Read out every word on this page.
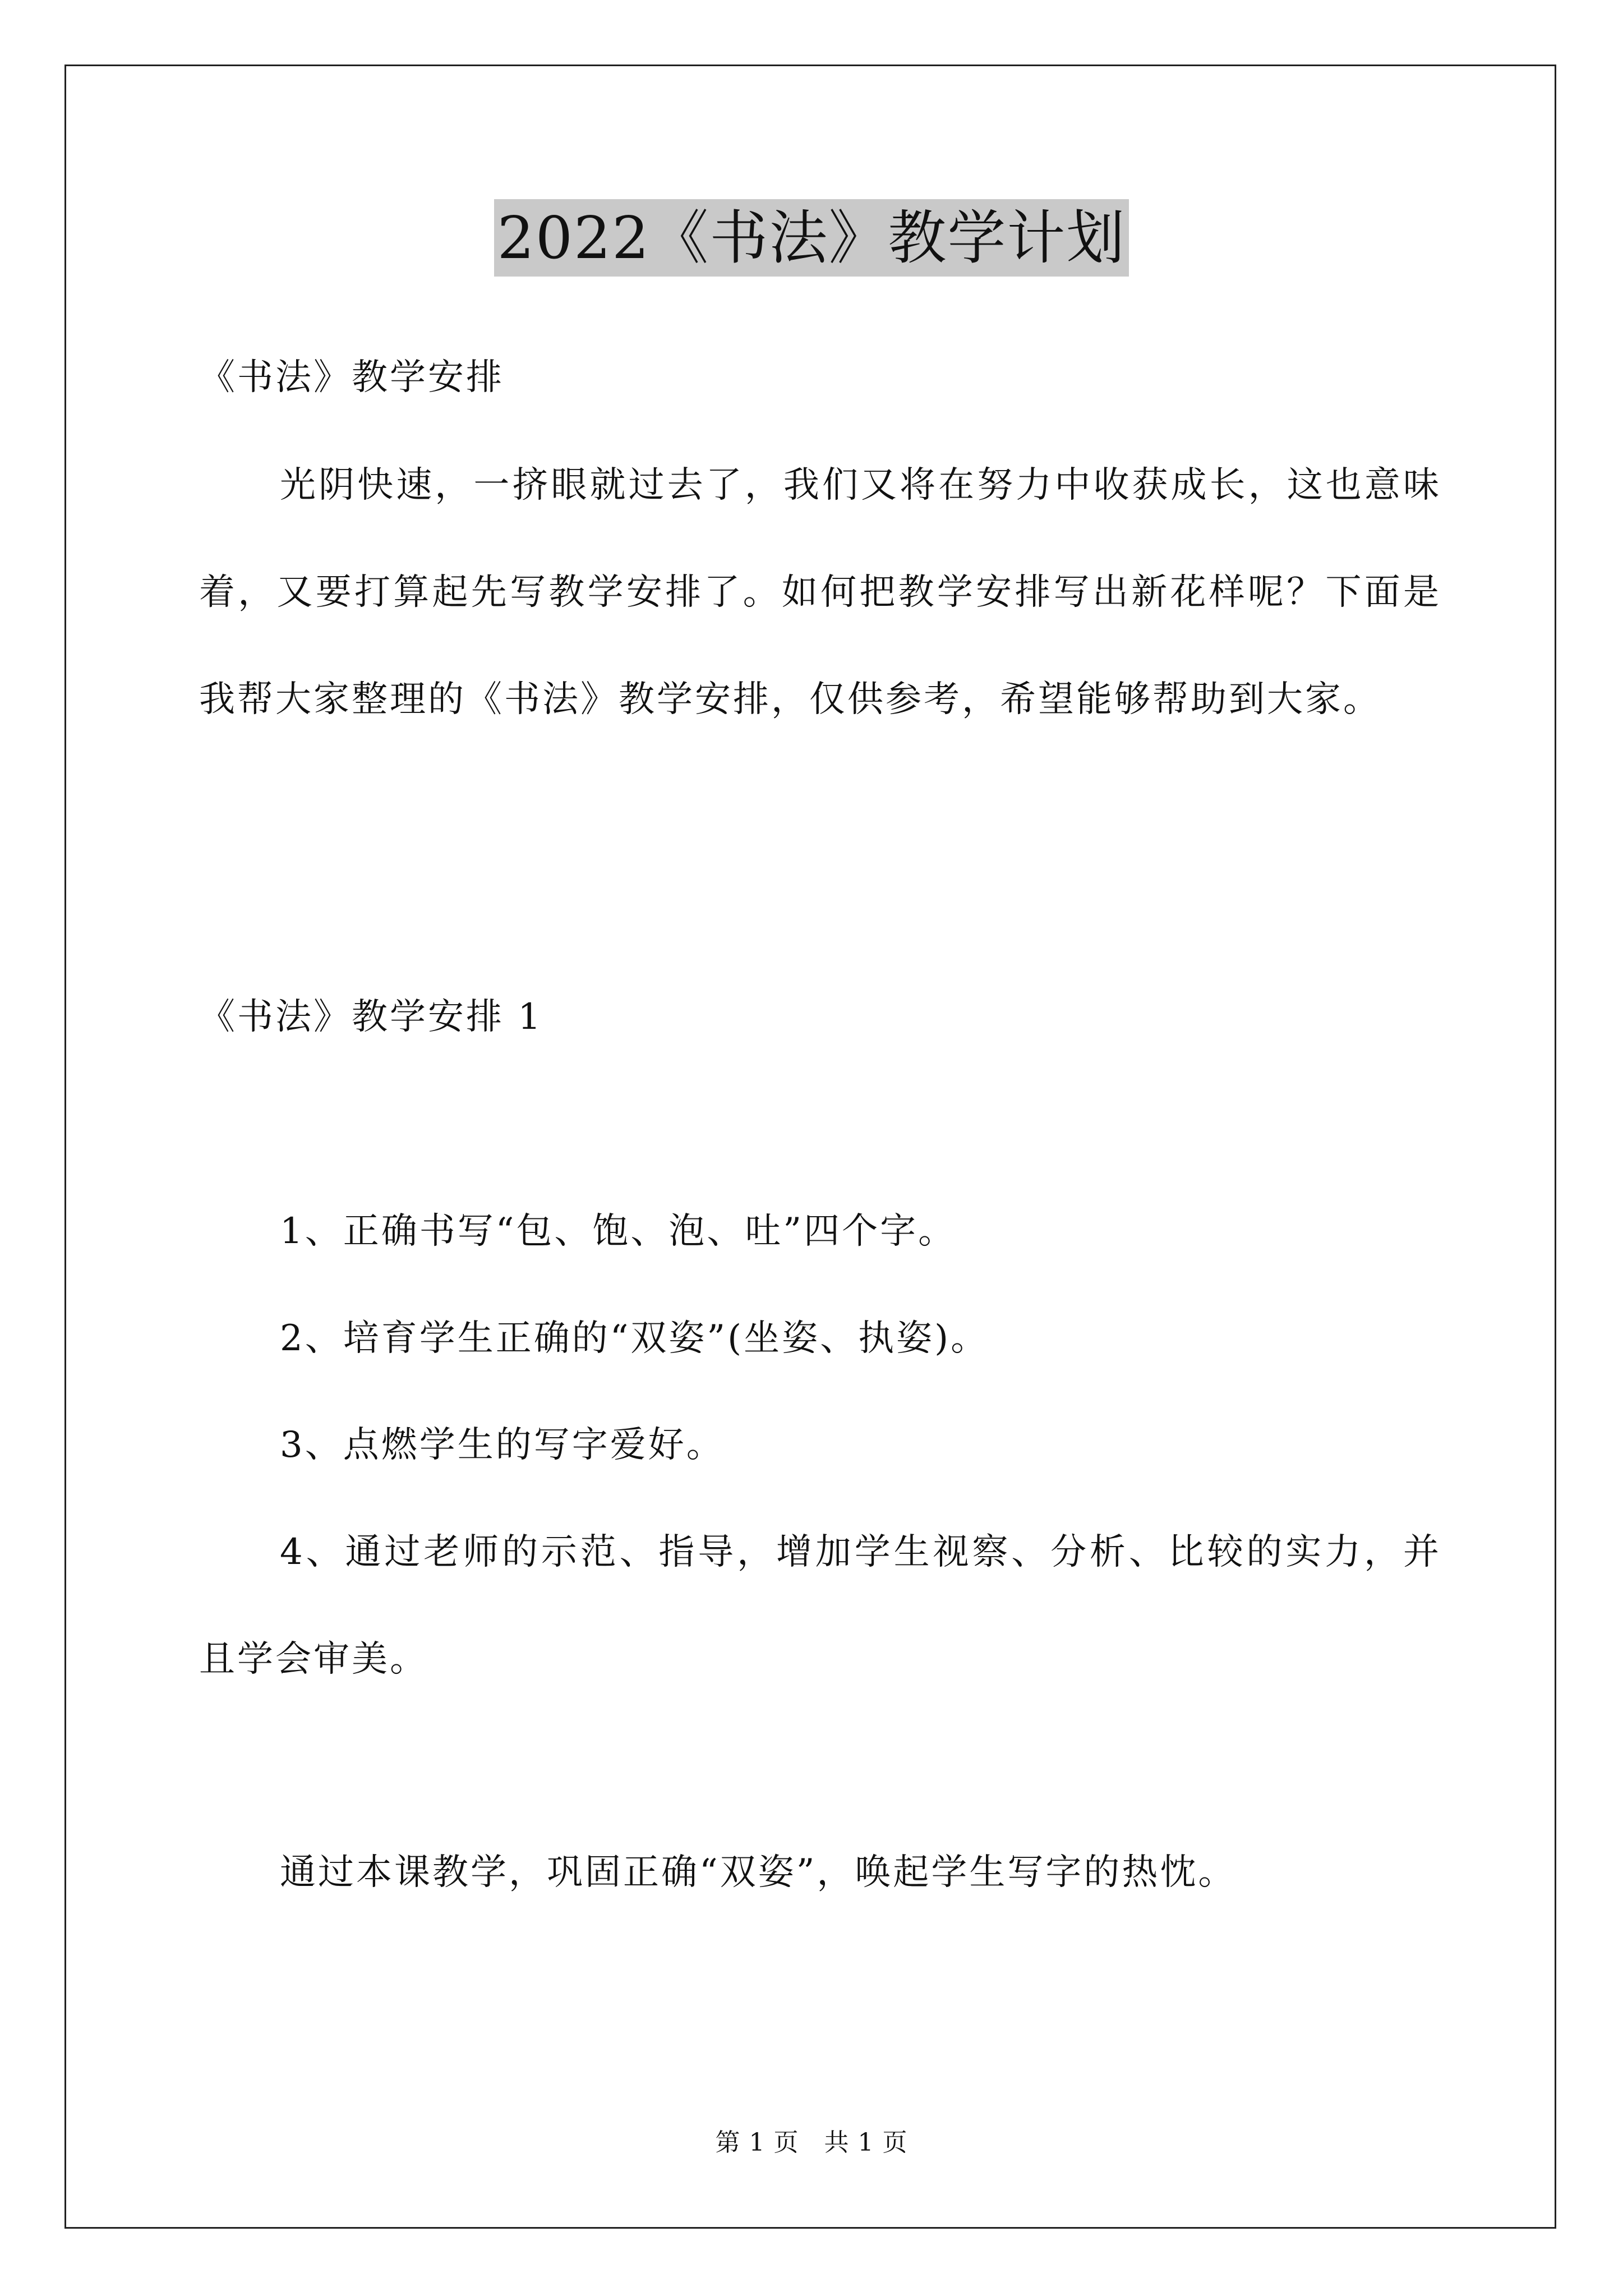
2022《书法》教学计划

《书法》教学安排

光阴快速，一挤眼就过去了，我们又将在努力中收获成长，这也意味着，又要打算起先写教学安排了。如何把教学安排写出新花样呢？下面是我帮大家整理的《书法》教学安排，仅供参考，希望能够帮助到大家。

《书法》教学安排 1

1、正确书写“包、饱、泡、吐”四个字。

2、培育学生正确的“双姿”(坐姿、执姿)。

3、点燃学生的写字爱好。

4、通过老师的示范、指导，增加学生视察、分析、比较的实力，并且学会审美。

通过本课教学，巩固正确“双姿”，唤起学生写字的热忱。

第 1 页　共 1 页
